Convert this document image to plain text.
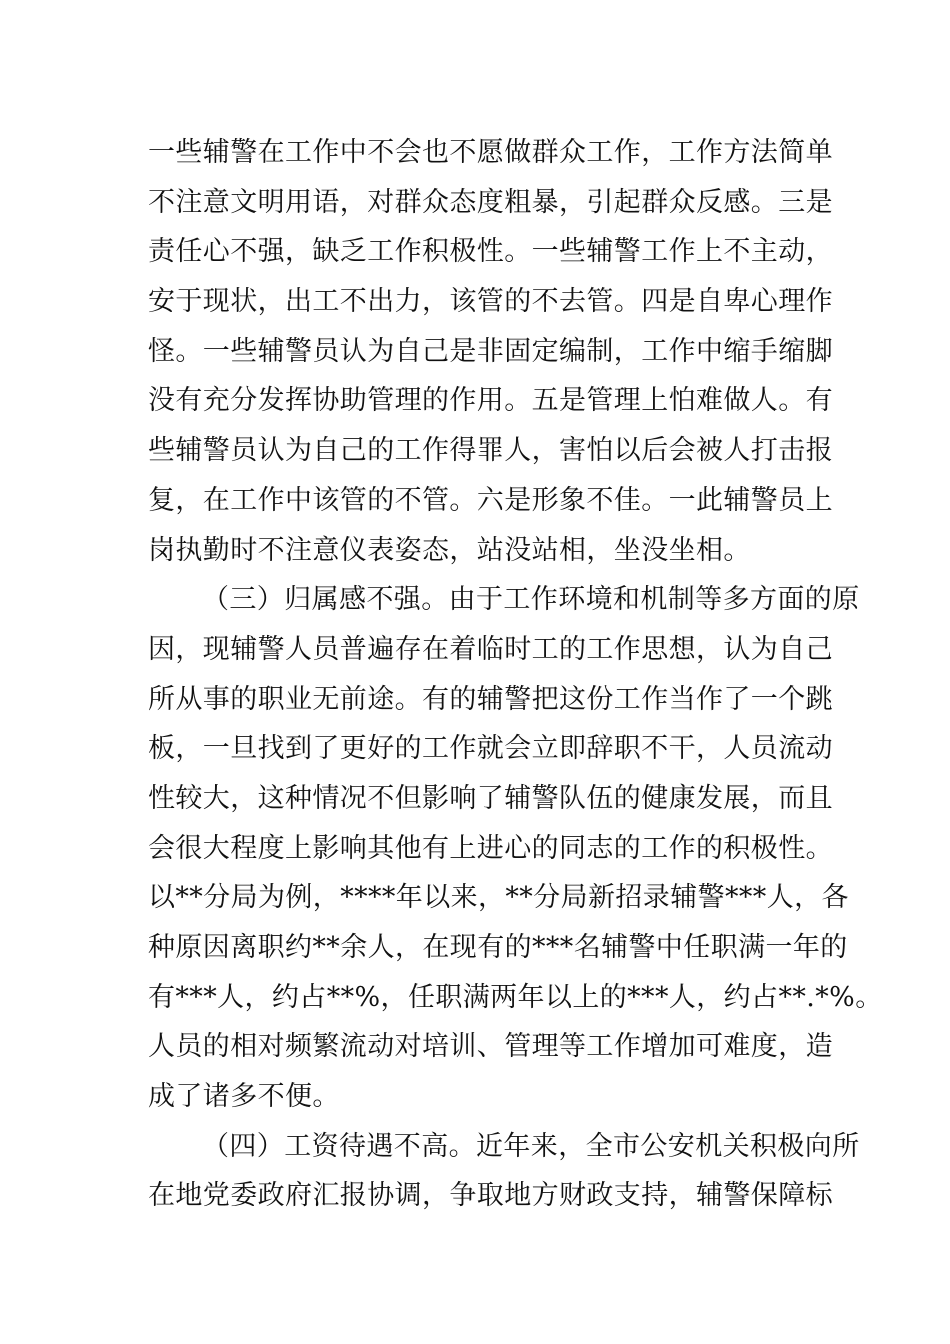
一些辅警在工作中不会也不愿做群众工作，工作方法简单
不注意文明用语，对群众态度粗暴，引起群众反感。三是
责任心不强，缺乏工作积极性。一些辅警工作上不主动，
安于现状，出工不出力，该管的不去管。四是自卑心理作
怪。一些辅警员认为自己是非固定编制，工作中缩手缩脚
没有充分发挥协助管理的作用。五是管理上怕难做人。有
些辅警员认为自己的工作得罪人，害怕以后会被人打击报
复，在工作中该管的不管。六是形象不佳。一此辅警员上
岗执勤时不注意仪表姿态，站没站相，坐没坐相。
（三）归属感不强。由于工作环境和机制等多方面的原
因，现辅警人员普遍存在着临时工的工作思想，认为自己
所从事的职业无前途。有的辅警把这份工作当作了一个跳
板，一旦找到了更好的工作就会立即辞职不干，人员流动
性较大，这种情况不但影响了辅警队伍的健康发展，而且
会很大程度上影响其他有上进心的同志的工作的积极性。
以**分局为例，****年以来，**分局新招录辅警***人，各
种原因离职约**余人，在现有的***名辅警中任职满一年的
有***人，约占**%，任职满两年以上的***人，约占**.*%。
人员的相对频繁流动对培训、管理等工作增加可难度，造
成了诸多不便。
（四）工资待遇不高。近年来，全市公安机关积极向所
在地党委政府汇报协调，争取地方财政支持，辅警保障标
